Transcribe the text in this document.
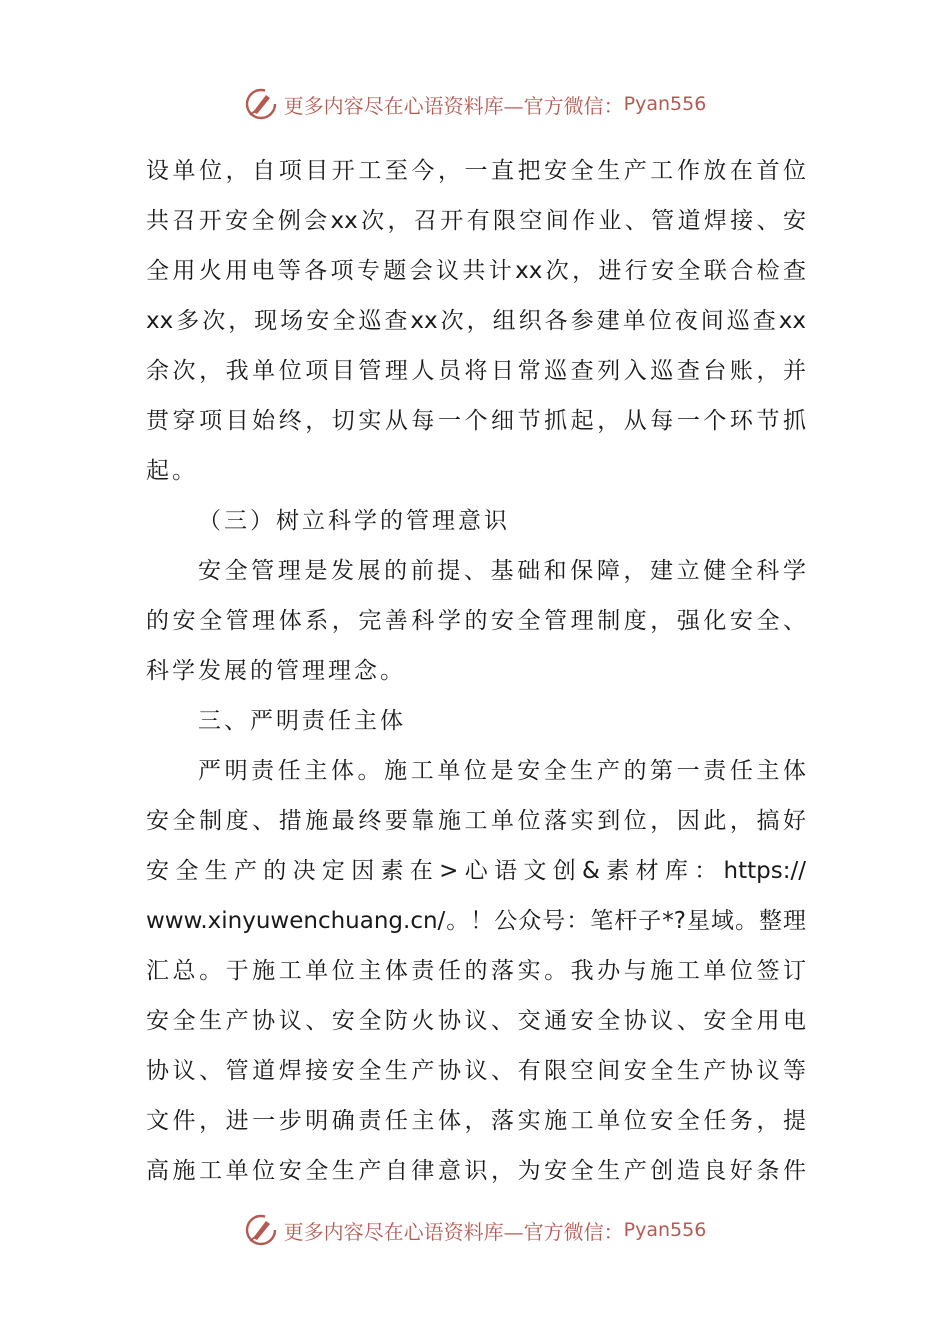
更多内容尽在心语资料库—官方微信： Pyan556
设单位，自项目开工至今，一直把安全生产工作放在首位
共召开安全例会xx次，召开有限空间作业、管道焊接、安
全用火用电等各项专题会议共计xx次，进行安全联合检查
xx多次，现场安全巡查xx次，组织各参建单位夜间巡查xx
余次，我单位项目管理人员将日常巡查列入巡查台账，并
贯穿项目始终，切实从每一个细节抓起，从每一个环节抓
起。
（三）树立科学的管理意识
安全管理是发展的前提、基础和保障，建立健全科学
的安全管理体系，完善科学的安全管理制度，强化安全、
科学发展的管理理念。
三、严明责任主体
严明责任主体。施工单位是安全生产的第一责任主体
安全制度、措施最终要靠施工单位落实到位，因此，搞好
安全生产的决定因素在>心语文创&素材库：https://
www.xinyuwenchuang.cn/。！公众号：笔杆子*?星域。整理
汇总。于施工单位主体责任的落实。我办与施工单位签订
安全生产协议、安全防火协议、交通安全协议、安全用电
协议、管道焊接安全生产协议、有限空间安全生产协议等
文件，进一步明确责任主体，落实施工单位安全任务，提
高施工单位安全生产自律意识，为安全生产创造良好条件
更多内容尽在心语资料库—官方微信： Pyan556
